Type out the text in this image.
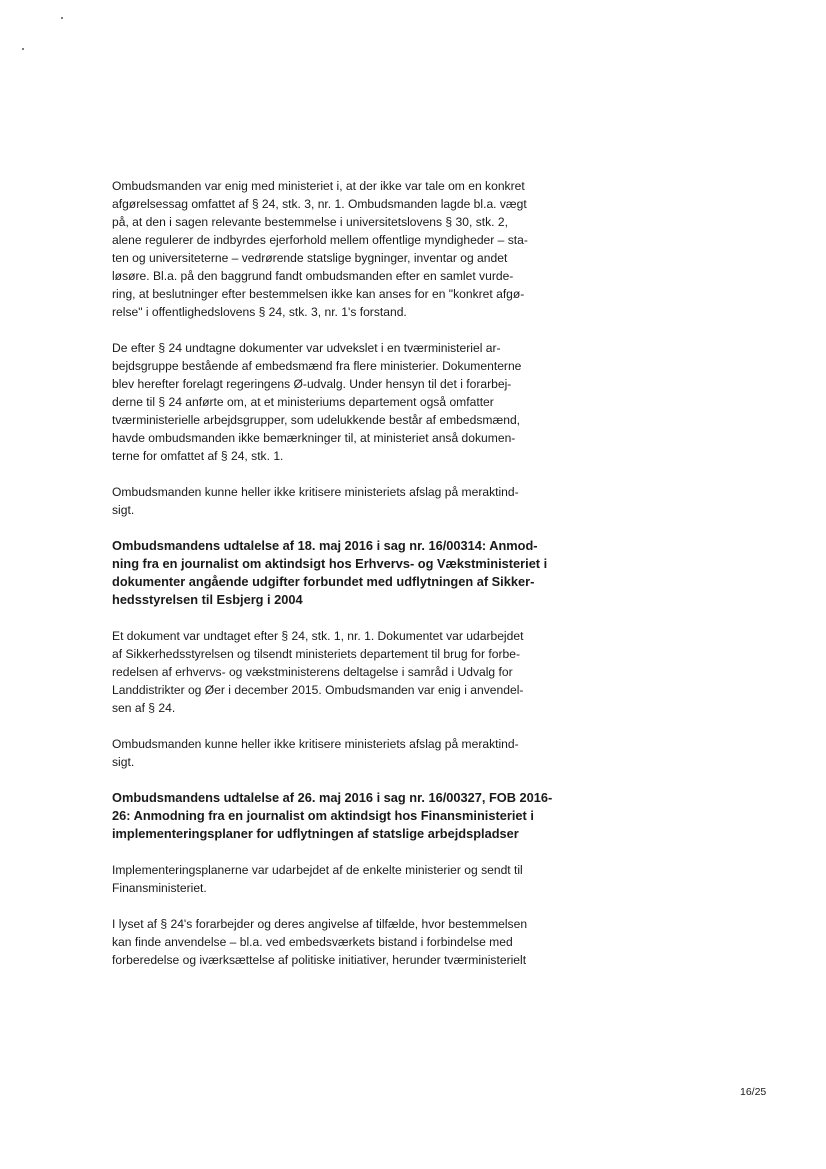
Ombudsmanden var enig med ministeriet i, at der ikke var tale om en konkret
afgørelsessag omfattet af § 24, stk. 3, nr. 1. Ombudsmanden lagde bl.a. vægt
på, at den i sagen relevante bestemmelse i universitetslovens § 30, stk. 2,
alene regulerer de indbyrdes ejerforhold mellem offentlige myndigheder – sta-
ten og universiteterne – vedrørende statslige bygninger, inventar og andet
løsøre. Bl.a. på den baggrund fandt ombudsmanden efter en samlet vurde-
ring, at beslutninger efter bestemmelsen ikke kan anses for en "konkret afgø-
relse" i offentlighedslovens § 24, stk. 3, nr. 1's forstand.

De efter § 24 undtagne dokumenter var udvekslet i en tværministeriel ar-
bejdsgruppe bestående af embedsmænd fra flere ministerier. Dokumenterne
blev herefter forelagt regeringens Ø-udvalg. Under hensyn til det i forarbej-
derne til § 24 anførte om, at et ministeriums departement også omfatter
tværministerielle arbejdsgrupper, som udelukkende består af embedsmænd,
havde ombudsmanden ikke bemærkninger til, at ministeriet anså dokumen-
terne for omfattet af § 24, stk. 1.

Ombudsmanden kunne heller ikke kritisere ministeriets afslag på meraktind-
sigt.

Ombudsmandens udtalelse af 18. maj 2016 i sag nr. 16/00314: Anmod-
ning fra en journalist om aktindsigt hos Erhvervs- og Vækstministeriet i
dokumenter angående udgifter forbundet med udflytningen af Sikker-
hedsstyrelsen til Esbjerg i 2004

Et dokument var undtaget efter § 24, stk. 1, nr. 1. Dokumentet var udarbejdet
af Sikkerhedsstyrelsen og tilsendt ministeriets departement til brug for forbe-
redelsen af erhvervs- og vækstministerens deltagelse i samråd i Udvalg for
Landdistrikter og Øer i december 2015. Ombudsmanden var enig i anvendel-
sen af § 24.

Ombudsmanden kunne heller ikke kritisere ministeriets afslag på meraktind-
sigt.

Ombudsmandens udtalelse af 26. maj 2016 i sag nr. 16/00327, FOB 2016-
26: Anmodning fra en journalist om aktindsigt hos Finansministeriet i
implementeringsplaner for udflytningen af statslige arbejdspladser

Implementeringsplanerne var udarbejdet af de enkelte ministerier og sendt til
Finansministeriet.

I lyset af § 24's forarbejder og deres angivelse af tilfælde, hvor bestemmelsen
kan finde anvendelse – bl.a. ved embedsværkets bistand i forbindelse med
forberedelse og iværksættelse af politiske initiativer, herunder tværministerielt

16/25
